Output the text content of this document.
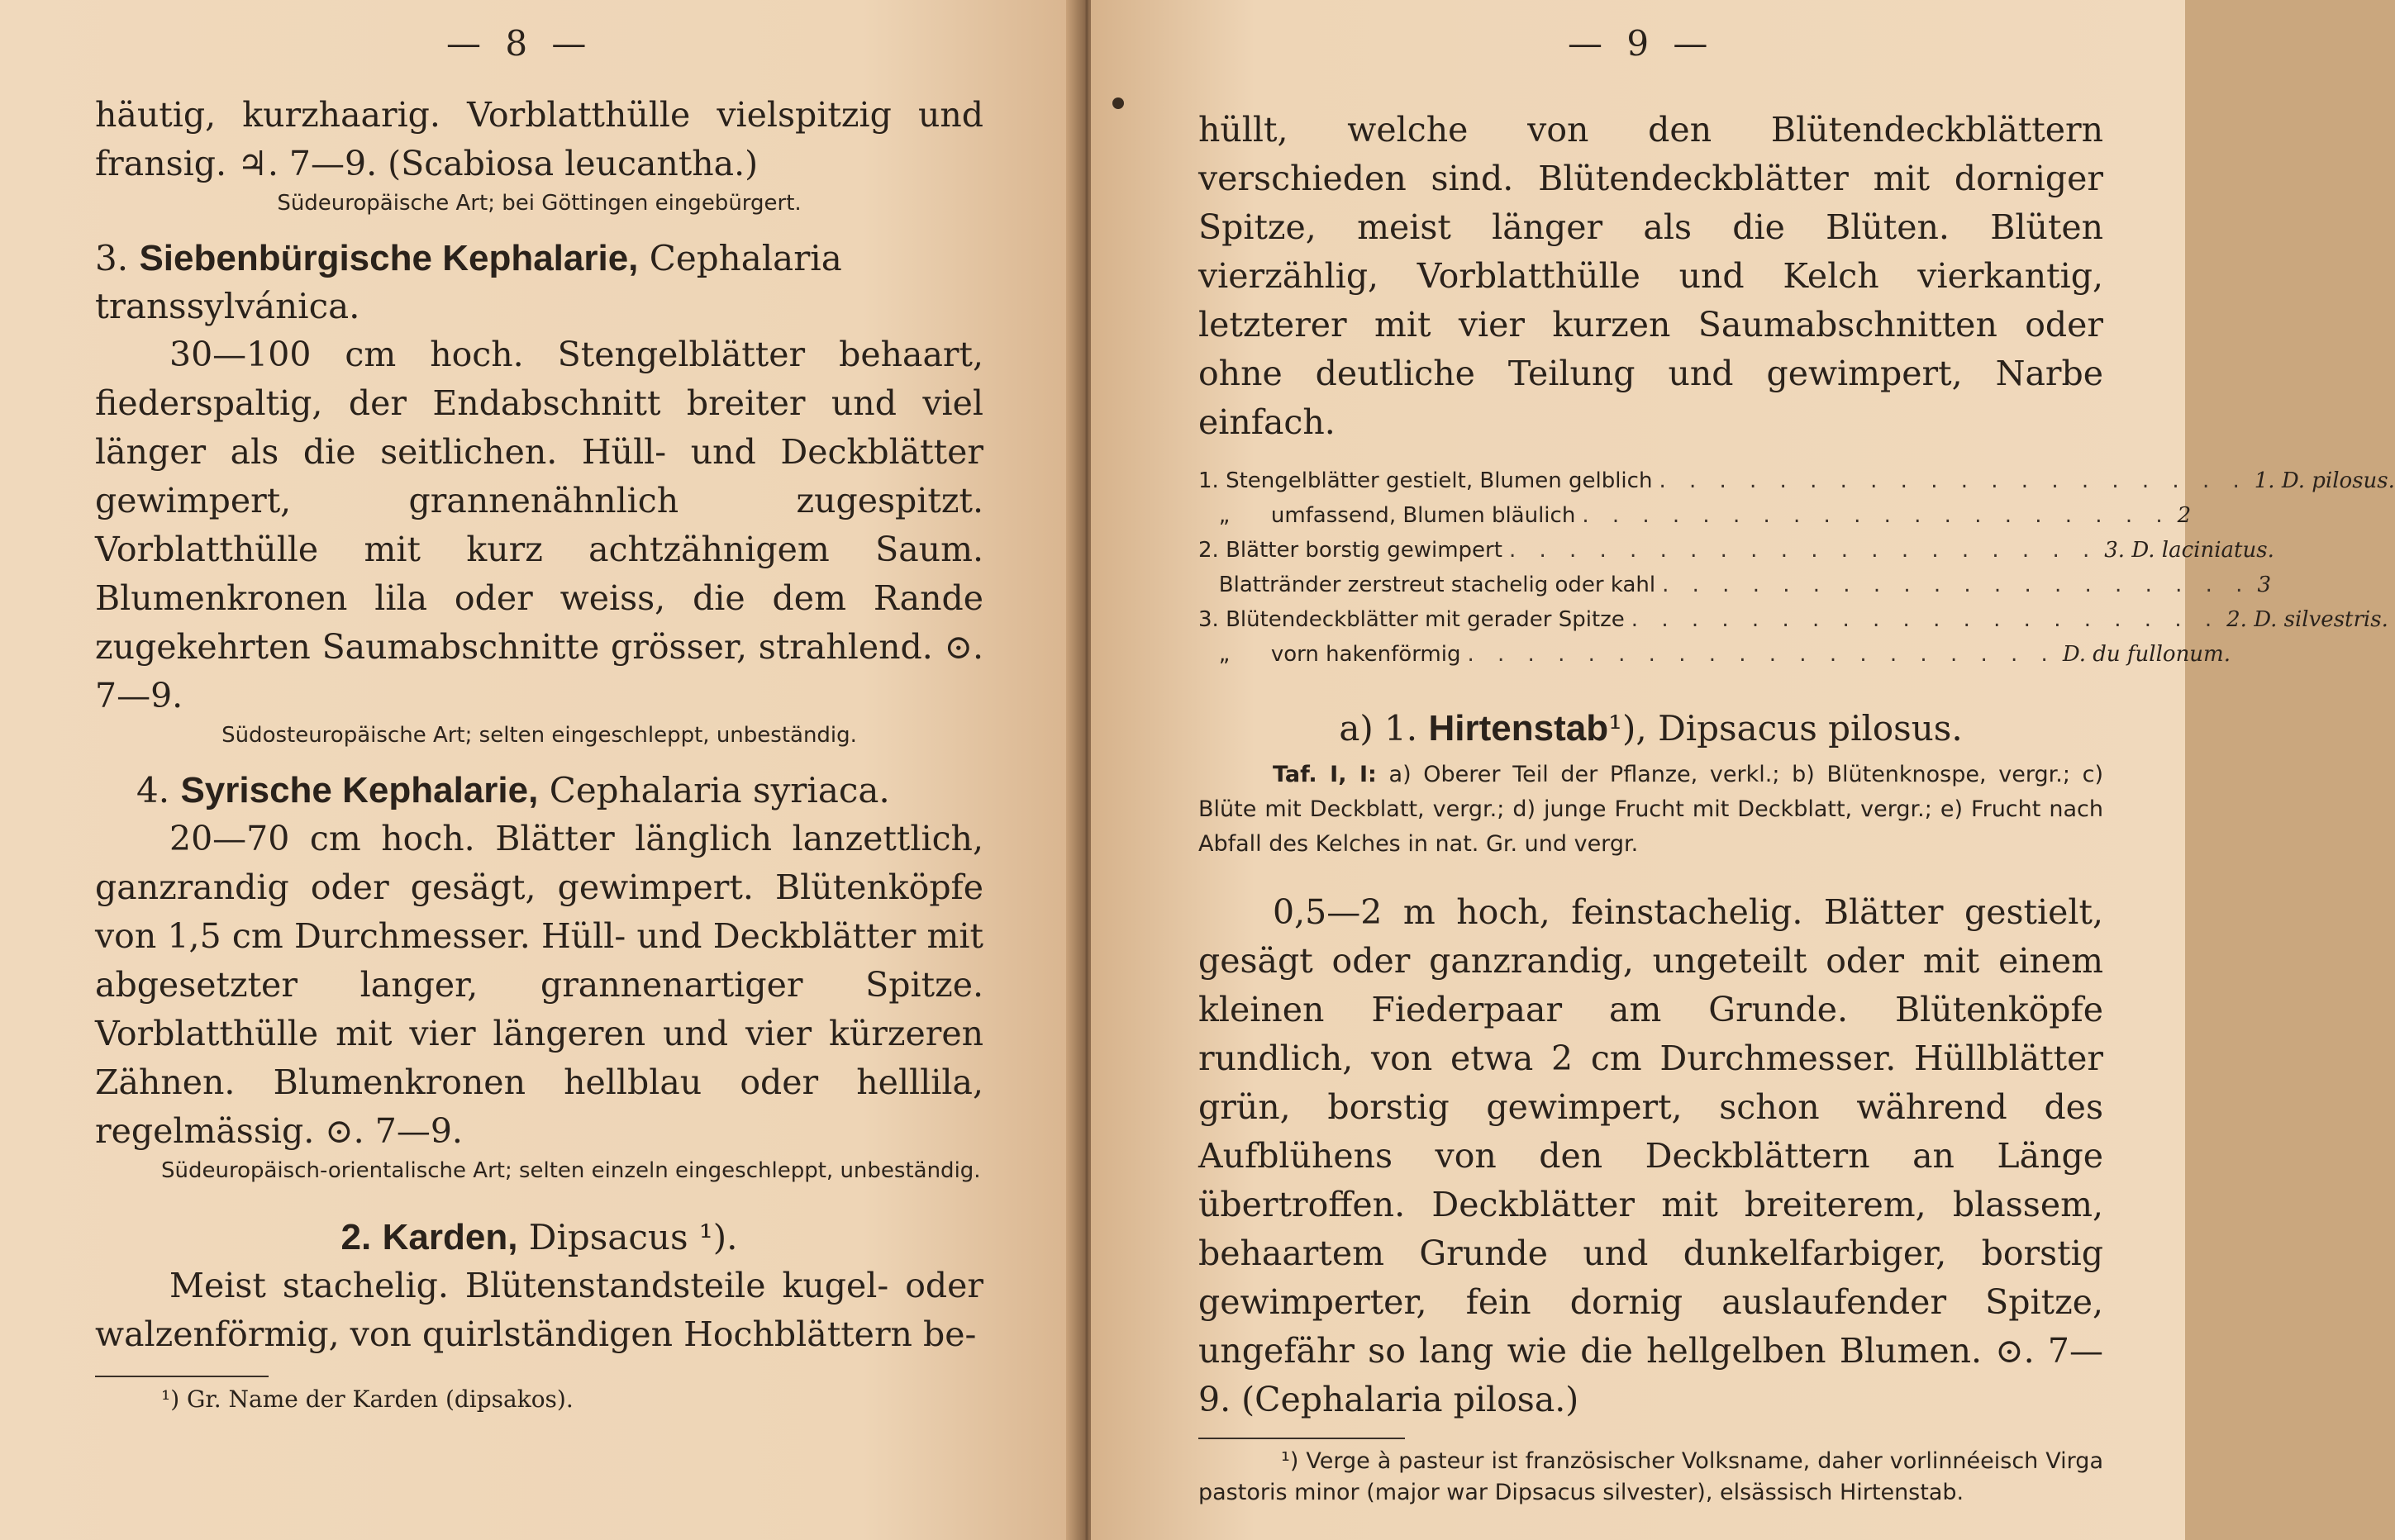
— 8 —

häutig, kurzhaarig. Vorblatthülle vielspitzig und fransig. ♃. 7—9. (Scabiosa leucantha.)

Südeuropäische Art; bei Göttingen eingebürgert.

3. Siebenbürgische Kephalarie, Cephalaria transsylvánica.

30—100 cm hoch. Stengelblätter behaart, fiederspaltig, der Endabschnitt breiter und viel länger als die seitlichen. Hüll- und Deckblätter gewimpert, grannenähnlich zugespitzt. Vorblatthülle mit kurz achtzähnigem Saum. Blumenkronen lila oder weiss, die dem Rande zugekehrten Saumabschnitte grösser, strahlend. ⊙. 7—9.

Südosteuropäische Art; selten eingeschleppt, unbeständig.

4. Syrische Kephalarie, Cephalaria syriaca.

20—70 cm hoch. Blätter länglich lanzettlich, ganzrandig oder gesägt, gewimpert. Blütenköpfe von 1,5 cm Durchmesser. Hüll- und Deckblätter mit abgesetzter langer, grannenartiger Spitze. Vorblatthülle mit vier längeren und vier kürzeren Zähnen. Blumenkronen hellblau oder helllila, regelmässig. ⊙. 7—9.

Südeuropäisch-orientalische Art; selten einzeln eingeschleppt, unbeständig.

2. Karden, Dipsacus ¹).

Meist stachelig. Blütenstandsteile kugel- oder walzenförmig, von quirlständigen Hochblättern be-

¹) Gr. Name der Karden (dipsakos).

— 9 —

hüllt, welche von den Blütendeckblättern verschieden sind. Blütendeckblätter mit dorniger Spitze, meist länger als die Blüten. Blüten vierzählig, Vorblatthülle und Kelch vierkantig, letzterer mit vier kurzen Saumabschnitten oder ohne deutliche Teilung und gewimpert, Narbe einfach.

1. Stengelblätter gestielt, Blumen gelblich . . . . . . . . . . . . . . . . . . . . 1. D. pilosus.
„      umfassend, Blumen bläulich . . . . . . . . . . . . . . . . . . . . 2
2. Blätter borstig gewimpert . . . . . . . . . . . . . . . . . . . . 3. D. laciniatus.
Blattränder zerstreut stachelig oder kahl . . . . . . . . . . . . . . . . . . . . 3
3. Blütendeckblätter mit gerader Spitze . . . . . . . . . . . . . . . . . . . . 2. D. silvestris.
„      vorn hakenförmig . . . . . . . . . . . . . . . . . . . . D. du fullonum.

a) 1. Hirtenstab¹), Dipsacus pilosus.

Taf. I, I: a) Oberer Teil der Pflanze, verkl.; b) Blütenknospe, vergr.; c) Blüte mit Deckblatt, vergr.; d) junge Frucht mit Deckblatt, vergr.; e) Frucht nach Abfall des Kelches in nat. Gr. und vergr.

0,5—2 m hoch, feinstachelig. Blätter gestielt, gesägt oder ganzrandig, ungeteilt oder mit einem kleinen Fiederpaar am Grunde. Blütenköpfe rundlich, von etwa 2 cm Durchmesser. Hüllblätter grün, borstig gewimpert, schon während des Aufblühens von den Deckblättern an Länge übertroffen. Deckblätter mit breiterem, blassem, behaartem Grunde und dunkelfarbiger, borstig gewimperter, fein dornig auslaufender Spitze, ungefähr so lang wie die hellgelben Blumen. ⊙. 7—9. (Cephalaria pilosa.)

¹) Verge à pasteur ist französischer Volksname, daher vorlinnéeisch Virga pastoris minor (major war Dipsacus silvester), elsässisch Hirtenstab.
